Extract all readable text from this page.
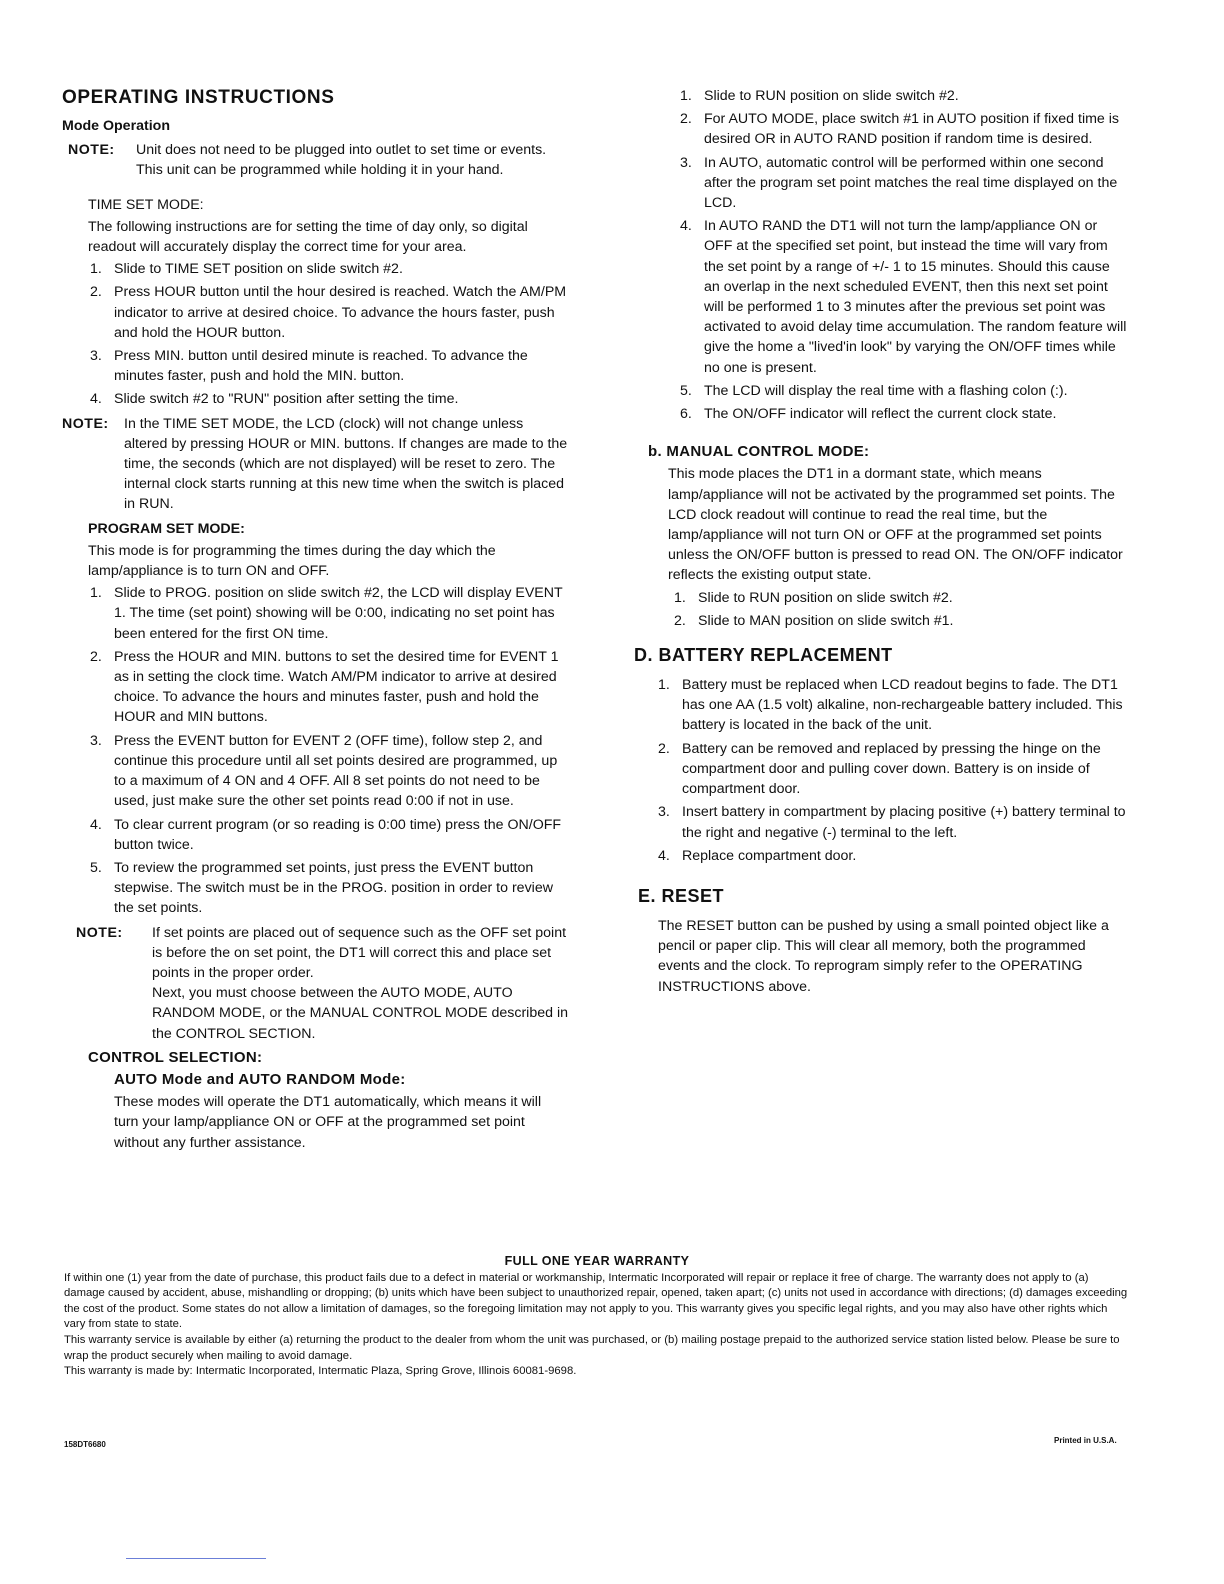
OPERATING INSTRUCTIONS
Mode Operation
NOTE: Unit does not need to be plugged into outlet to set time or events. This unit can be programmed while holding it in your hand.
TIME SET MODE:
The following instructions are for setting the time of day only, so digital readout will accurately display the correct time for your area.
1. Slide to TIME SET position on slide switch #2.
2. Press HOUR button until the hour desired is reached. Watch the AM/PM indicator to arrive at desired choice. To advance the hours faster, push and hold the HOUR button.
3. Press MIN. button until desired minute is reached. To advance the minutes faster, push and hold the MIN. button.
4. Slide switch #2 to "RUN" position after setting the time.
NOTE: In the TIME SET MODE, the LCD (clock) will not change unless altered by pressing HOUR or MIN. buttons. If changes are made to the time, the seconds (which are not displayed) will be reset to zero. The internal clock starts running at this new time when the switch is placed in RUN.
PROGRAM SET MODE:
This mode is for programming the times during the day which the lamp/appliance is to turn ON and OFF.
1. Slide to PROG. position on slide switch #2, the LCD will display EVENT 1. The time (set point) showing will be 0:00, indicating no set point has been entered for the first ON time.
2. Press the HOUR and MIN. buttons to set the desired time for EVENT 1 as in setting the clock time. Watch AM/PM indicator to arrive at desired choice. To advance the hours and minutes faster, push and hold the HOUR and MIN buttons.
3. Press the EVENT button for EVENT 2 (OFF time), follow step 2, and continue this procedure until all set points desired are programmed, up to a maximum of 4 ON and 4 OFF. All 8 set points do not need to be used, just make sure the other set points read 0:00 if not in use.
4. To clear current program (or so reading is 0:00 time) press the ON/OFF button twice.
5. To review the programmed set points, just press the EVENT button stepwise. The switch must be in the PROG. position in order to review the set points.
NOTE: If set points are placed out of sequence such as the OFF set point is before the on set point, the DT1 will correct this and place set points in the proper order.
Next, you must choose between the AUTO MODE, AUTO RANDOM MODE, or the MANUAL CONTROL MODE described in the CONTROL SECTION.
CONTROL SELECTION:
AUTO Mode and AUTO RANDOM Mode:
These modes will operate the DT1 automatically, which means it will turn your lamp/appliance ON or OFF at the programmed set point without any further assistance.
1. Slide to RUN position on slide switch #2.
2. For AUTO MODE, place switch #1 in AUTO position if fixed time is desired OR in AUTO RAND position if random time is desired.
3. In AUTO, automatic control will be performed within one second after the program set point matches the real time displayed on the LCD.
4. In AUTO RAND the DT1 will not turn the lamp/appliance ON or OFF at the specified set point, but instead the time will vary from the set point by a range of +/- 1 to 15 minutes. Should this cause an overlap in the next scheduled EVENT, then this next set point will be performed 1 to 3 minutes after the previous set point was activated to avoid delay time accumulation. The random feature will give the home a "lived'in look" by varying the ON/OFF times while no one is present.
5. The LCD will display the real time with a flashing colon (:).
6. The ON/OFF indicator will reflect the current clock state.
b. MANUAL CONTROL MODE:
This mode places the DT1 in a dormant state, which means lamp/appliance will not be activated by the programmed set points. The LCD clock readout will continue to read the real time, but the lamp/appliance will not turn ON or OFF at the programmed set points unless the ON/OFF button is pressed to read ON. The ON/OFF indicator reflects the existing output state.
1. Slide to RUN position on slide switch #2.
2. Slide to MAN position on slide switch #1.
D. BATTERY REPLACEMENT
1. Battery must be replaced when LCD readout begins to fade. The DT1 has one AA (1.5 volt) alkaline, non-rechargeable battery included. This battery is located in the back of the unit.
2. Battery can be removed and replaced by pressing the hinge on the compartment door and pulling cover down. Battery is on inside of compartment door.
3. Insert battery in compartment by placing positive (+) battery terminal to the right and negative (-) terminal to the left.
4. Replace compartment door.
E. RESET
The RESET button can be pushed by using a small pointed object like a pencil or paper clip. This will clear all memory, both the programmed events and the clock. To reprogram simply refer to the OPERATING INSTRUCTIONS above.
FULL ONE YEAR WARRANTY
If within one (1) year from the date of purchase, this product fails due to a defect in material or workmanship, Intermatic Incorporated will repair or replace it free of charge. The warranty does not apply to (a) damage caused by accident, abuse, mishandling or dropping; (b) units which have been subject to unauthorized repair, opened, taken apart; (c) units not used in accordance with directions; (d) damages exceeding the cost of the product. Some states do not allow a limitation of damages, so the foregoing limitation may not apply to you. This warranty gives you specific legal rights, and you may also have other rights which vary from state to state.
This warranty service is available by either (a) returning the product to the dealer from whom the unit was purchased, or (b) mailing postage prepaid to the authorized service station listed below. Please be sure to wrap the product securely when mailing to avoid damage.
This warranty is made by: Intermatic Incorporated, Intermatic Plaza, Spring Grove, Illinois 60081-9698.
158DT6680	Printed in U.S.A.
